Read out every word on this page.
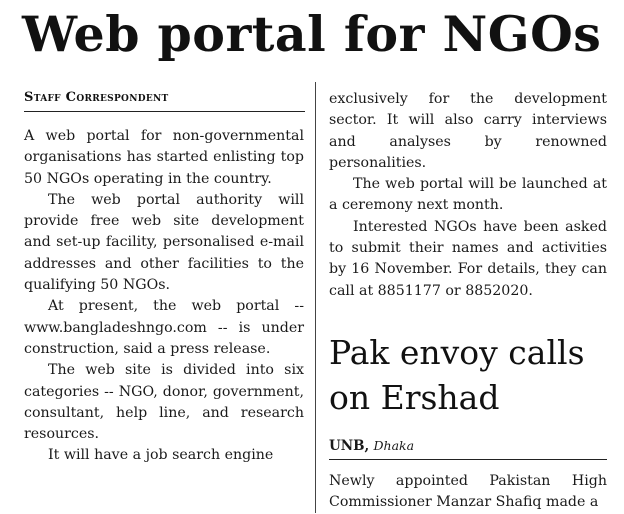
Web portal for NGOs
Staff Correspondent

A web portal for non-governmental organisations has started enlisting top 50 NGOs operating in the country.

The web portal authority will provide free web site development and set-up facility, personalised e-mail addresses and other facilities to the qualifying 50 NGOs.

At present, the web portal -- www.bangladeshngo.com -- is under construction, said a press release.

The web site is divided into six categories -- NGO, donor, government, consultant, help line, and research resources.

It will have a job search engine

exclusively for the development sector. It will also carry interviews and analyses by renowned personalities.

The web portal will be launched at a ceremony next month.

Interested NGOs have been asked to submit their names and activities by 16 November. For details, they can call at 8851177 or 8852020.

Pak envoy calls on Ershad
UNB, Dhaka

Newly appointed Pakistan High Commissioner Manzar Shafiq made a
